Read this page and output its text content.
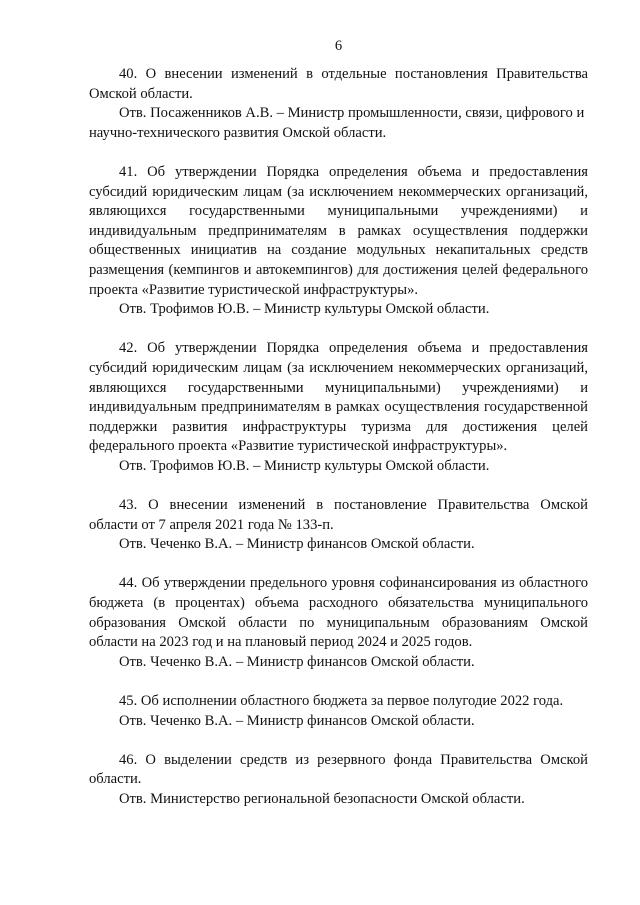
6

40. О внесении изменений в отдельные постановления Правительства Омской области.

Отв. Посаженников А.В. – Министр промышленности, связи, цифрового и научно-технического развития Омской области.

41. Об утверждении Порядка определения объема и предоставления субсидий юридическим лицам (за исключением некоммерческих организаций, являющихся государственными муниципальными учреждениями) и индивидуальным предпринимателям в рамках осуществления поддержки общественных инициатив на создание модульных некапитальных средств размещения (кемпингов и автокемпингов) для достижения целей федерального проекта «Развитие туристической инфраструктуры».

Отв. Трофимов Ю.В. – Министр культуры Омской области.

42. Об утверждении Порядка определения объема и предоставления субсидий юридическим лицам (за исключением некоммерческих организаций, являющихся государственными муниципальными) учреждениями) и индивидуальным предпринимателям в рамках осуществления государственной поддержки развития инфраструктуры туризма для достижения целей федерального проекта «Развитие туристической инфраструктуры».

Отв. Трофимов Ю.В. – Министр культуры Омской области.

43. О внесении изменений в постановление Правительства Омской области от 7 апреля 2021 года № 133-п.

Отв. Чеченко В.А. – Министр финансов Омской области.

44. Об утверждении предельного уровня софинансирования из областного бюджета (в процентах) объема расходного обязательства муниципального образования Омской области по муниципальным образованиям Омской области на 2023 год и на плановый период 2024 и 2025 годов.

Отв. Чеченко В.А. – Министр финансов Омской области.

45. Об исполнении областного бюджета за первое полугодие 2022 года.

Отв. Чеченко В.А. – Министр финансов Омской области.

46. О выделении средств из резервного фонда Правительства Омской области.

Отв. Министерство региональной безопасности Омской области.
